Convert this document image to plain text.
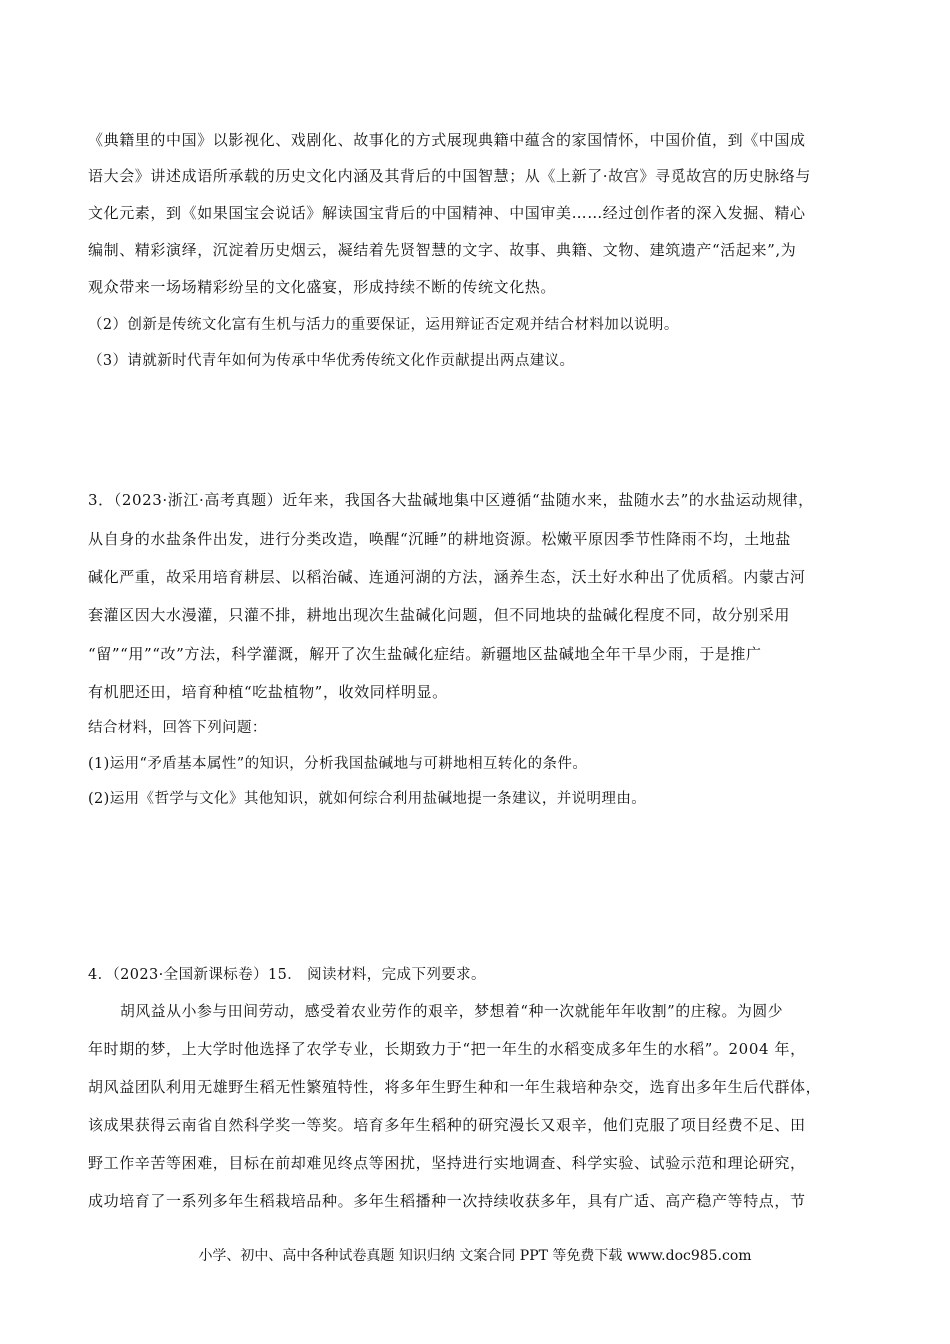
《典籍里的中国》以影视化、戏剧化、故事化的方式展现典籍中蕴含的家国情怀，中国价值，到《中国成
语大会》讲述成语所承载的历史文化内涵及其背后的中国智慧；从《上新了·故宫》寻觅故宫的历史脉络与
文化元素，到《如果国宝会说话》解读国宝背后的中国精神、中国审美……经过创作者的深入发掘、精心
编制、精彩演绎，沉淀着历史烟云，凝结着先贤智慧的文字、故事、典籍、文物、建筑遗产“活起来”,为
观众带来一场场精彩纷呈的文化盛宴，形成持续不断的传统文化热。
（2）创新是传统文化富有生机与活力的重要保证，运用辩证否定观并结合材料加以说明。
（3）请就新时代青年如何为传承中华优秀传统文化作贡献提出两点建议。
3．（2023·浙江·高考真题）近年来，我国各大盐碱地集中区遵循“盐随水来，盐随水去”的水盐运动规律，
从自身的水盐条件出发，进行分类改造，唤醒“沉睡”的耕地资源。松嫩平原因季节性降雨不均，土地盐
碱化严重，故采用培育耕层、以稻治碱、连通河湖的方法，涵养生态，沃土好水种出了优质稻。内蒙古河
套灌区因大水漫灌，只灌不排，耕地出现次生盐碱化问题，但不同地块的盐碱化程度不同，故分别采用
“留”“用”“改”方法，科学灌溉，解开了次生盐碱化症结。新疆地区盐碱地全年干旱少雨，于是推广
有机肥还田，培育种植“吃盐植物”，收效同样明显。
结合材料，回答下列问题：
(1)运用“矛盾基本属性”的知识，分析我国盐碱地与可耕地相互转化的条件。
(2)运用《哲学与文化》其他知识，就如何综合利用盐碱地提一条建议，并说明理由。
4．（2023·全国新课标卷）15． 阅读材料，完成下列要求。
胡风益从小参与田间劳动，感受着农业劳作的艰辛，梦想着“种一次就能年年收割”的庄稼。为圆少
年时期的梦，上大学时他选择了农学专业，长期致力于“把一年生的水稻变成多年生的水稻”。2004 年，
胡风益团队利用无雄野生稻无性繁殖特性，将多年生野生种和一年生栽培种杂交，选育出多年生后代群体，
该成果获得云南省自然科学奖一等奖。培育多年生稻种的研究漫长又艰辛，他们克服了项目经费不足、田
野工作辛苦等困难，目标在前却难见终点等困扰，坚持进行实地调查、科学实验、试验示范和理论研究，
成功培育了一系列多年生稻栽培品种。多年生稻播种一次持续收获多年，具有广适、高产稳产等特点，节
小学、初中、高中各种试卷真题 知识归纳 文案合同 PPT 等免费下载 www.doc985.com
